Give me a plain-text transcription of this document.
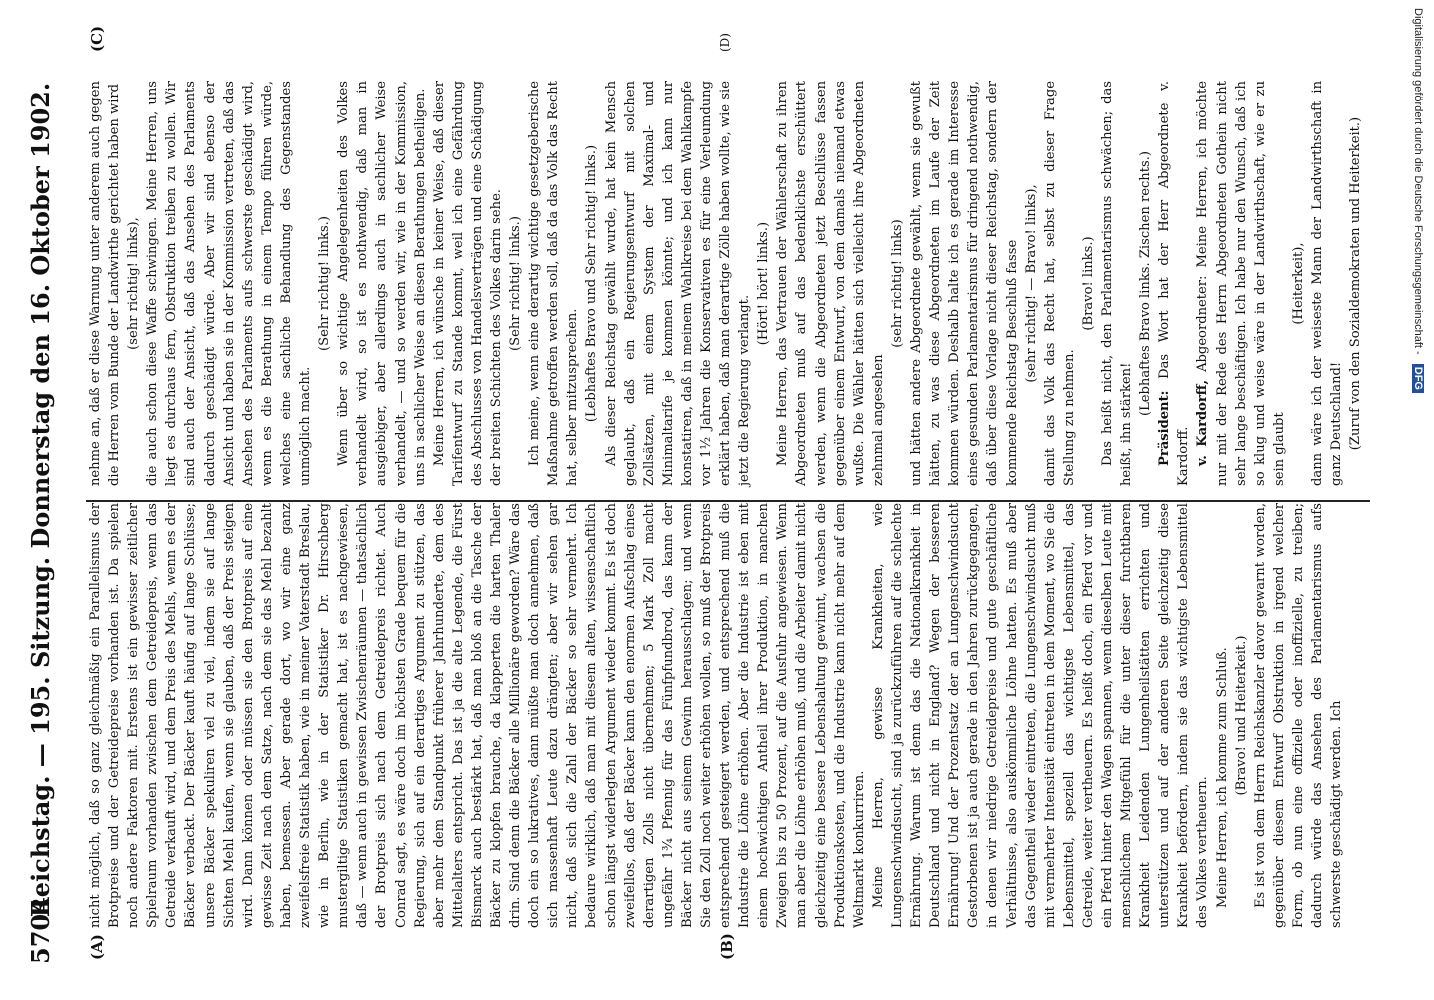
5704
Reichstag. — 195. Sitzung. Donnerstag den 16. Oktober 1902.
(A)	(B)
(C)	(D)

nicht möglich, daß so ganz gleichmäßig ein Parallelismus der Brotpreise und der Getreidepreise vorhanden ist. Da spielen noch andere Faktoren mit. Erstens ist ein gewisser zeitlicher Spielraum vorhanden zwischen dem Getreidepreis, wenn das Getreide verkauft wird, und dem Preis des Mehls, wenn es der Bäcker verbackt. Der Bäcker kauft häufig auf lange Schlüsse; unsere Bäcker spekuliren viel zu viel, indem sie auf lange Sichten Mehl kaufen, wenn sie glauben, daß der Preis steigen wird. Dann können oder müssen sie den Brotpreis auf eine gewisse Zeit nach dem Satze, nach dem sie das Mehl bezahlt haben, bemessen. Aber gerade dort, wo wir eine ganz zweifelsfreie Statistik haben, wie in meiner Vaterstadt Breslau, wie in Berlin, wie in der Statistiker Dr. Hirschberg mustergiltige Statistiken gemacht hat, ist es nachgewiesen, daß — wenn auch in gewissen Zwischenräumen — thatsächlich der Brotpreis sich nach dem Getreidepreis richtet. Auch Conrad sagt, es wäre doch im höchsten Grade bequem für die Regierung, sich auf ein derartiges Argument zu stützen, das aber mehr dem Standpunkt früherer Jahrhunderte, dem des Mittelalters entspricht. Das ist ja die alte Legende, die Fürst Bismarck auch bestärkt hat, daß man bloß an die Tasche der Bäcker zu klopfen brauche, da klapperten die harten Thaler drin. Sind denn die Bäcker alle Millionäre geworden? Wäre das doch ein so lukratives, dann müßte man doch annehmen, daß sich massenhaft Leute dazu drängten; aber wir sehen gar nicht, daß sich die Zahl der Bäcker so sehr vermehrt. Ich bedaure wirklich, daß man mit diesem alten, wissenschaftlich schon längst widerlegten Argument wieder kommt. Es ist doch zweifellos, daß der Bäcker kann den enormen Aufschlag eines derartigen Zolls nicht übernehmen; 5 Mark Zoll macht ungefähr 1³⁄₄ Pfennig für das Fünfpfundbrod, das kann der Bäcker nicht aus seinem Gewinn herausschlagen; und wenn Sie den Zoll noch weiter erhöhen wollen, so muß der Brotpreis entsprechend gesteigert werden, und entsprechend muß die Industrie die Löhne erhöhen. Aber die Industrie ist eben mit einem hochwichtigen Antheil ihrer Produktion, in manchen Zweigen bis zu 50 Prozent, auf die Ausfuhr angewiesen. Wenn man aber die Löhne erhöhen muß, und die Arbeiter damit nicht gleichzeitig eine bessere Lebenshaltung gewinnt, wachsen die Produktionskosten, und die Industrie kann nicht mehr auf dem Weltmarkt konkurriren. Meine Herren, gewisse Krankheiten, wie Lungenschwindsucht, sind ja zurückzuführen auf die schlechte Ernährung. Warum ist denn das die Nationalkrankheit in Deutschland und nicht in England? Wegen der besseren Ernährung! Und der Prozentsatz der an Lungenschwindsucht Gestorbenen ist ja auch gerade in den Jahren zurückgegangen, in denen wir niedrige Getreidepreise und gute geschäftliche Verhältnisse, also auskömmliche Löhne hatten. Es muß aber das Gegentheil wieder eintreten, die Lungenschwindsucht muß mit vermehrter Intensität eintreten in dem Moment, wo Sie die Lebensmittel, speziell das wichtigste Lebensmittel, das Getreide, weiter vertheuern. Es heißt doch, ein Pferd vor und ein Pferd hinter den Wagen spannen, wenn dieselben Leute mit menschlichem Mitgefühl für die unter dieser furchtbaren Krankheit Leidenden Lungenheilstätten errichten und unterstützen und auf der anderen Seite gleichzeitig diese Krankheit befördern, indem sie das wichtigste Lebensmittel des Volkes vertheuern. Meine Herren, ich komme zum Schluß. (Bravo! und Heiterkeit.) Es ist von dem Herrn Reichskanzler davor gewarnt worden, gegenüber diesem Entwurf Obstruktion in irgend welcher Form, ob nun eine offizielle oder inoffizielle, zu treiben; dadurch würde das Ansehen des Parlamentarismus aufs schwerste geschädigt werden. Ich

nehme an, daß er diese Warnung unter anderem auch gegen die Herren vom Bunde der Landwirthe gerichtet haben wird (sehr richtig! links), die auch schon diese Waffe schwingen. Meine Herren, uns liegt es durchaus fern, Obstruktion treiben zu wollen. Wir sind auch der Ansicht, daß das Ansehen des Parlaments dadurch geschädigt würde. Aber wir sind ebenso der Ansicht und haben sie in der Kommission vertreten, daß das Ansehen des Parlaments aufs schwerste geschädigt wird, wenn es die Berathung in einem Tempo führen würde, welches eine sachliche Behandlung des Gegenstandes unmöglich macht.

(Sehr richtig! links.) Wenn über so wichtige Angelegenheiten des Volkes verhandelt wird, so ist es nothwendig, daß man in ausgiebiger, aber allerdings auch in sachlicher Weise verhandelt, — und so werden wir, wie in der Kommission, uns in sachlicher Weise an diesen Berathungen betheiligen. Meine Herren, ich wünsche in keiner Weise, daß dieser Tarifentwurf zu Stande kommt, weil ich eine Gefährdung des Abschlusses von Handelsverträgen und eine Schädigung der breiten Schichten des Volkes darin sehe. (Sehr richtig! links.) Ich meine, wenn eine derartig wichtige gesetzgeberische Maßnahme getroffen werden soll, daß da das Volk das Recht hat, selber mitzusprechen. (Lebhaftes Bravo und Sehr richtig! links.) Als dieser Reichstag gewählt wurde, hat kein Mensch geglaubt, daß ein Regierungsentwurf mit solchen Zollsätzen, mit einem System der Maximal- und Minimaltarife je kommen könnte; und ich kann nur konstatiren, daß in meinem Wahlkreise bei dem Wahlkampfe vor 1¹⁄₂ Jahren die Konservativen es für eine Verleumdung erklärt haben, daß man derartige Zölle haben wollte, wie sie jetzt die Regierung verlangt.

(Hört! hört! links.) Meine Herren, das Vertrauen der Wählerschaft zu ihren Abgeordneten muß auf das bedenklichste erschüttert werden, wenn die Abgeordneten jetzt Beschlüsse fassen gegenüber einem Entwurf, von dem damals niemand etwas wußte. Die Wähler hätten sich vielleicht ihre Abgeordneten zehnmal angesehen

(sehr richtig! links) und hätten andere Abgeordnete gewählt, wenn sie gewußt hätten, zu was diese Abgeordneten im Laufe der Zeit kommen würden. Deshalb halte ich es gerade im Interesse eines gesunden Parlamentarismus für dringend nothwendig, daß über diese Vorlage nicht dieser Reichstag, sondern der kommende Reichstag Beschluß fasse (sehr richtig! — Bravo! links), damit das Volk das Recht hat, selbst zu dieser Frage Stellung zu nehmen.

(Bravo! links.) Das heißt nicht, den Parlamentarismus schwächen; das heißt, ihn stärken!

(Lebhaftes Bravo links. Zischen rechts.)

Präsident: Das Wort hat der Herr Abgeordnete v. Kardorff. v. Kardorff, Abgeordneter: Meine Herren, ich möchte nur mit der Rede des Herrn Abgeordneten Gothein nicht sehr lange beschäftigen. Ich habe nur den Wunsch, daß ich so klug und weise wäre in der Landwirthschaft, wie er zu sein glaubt

(Heiterkeit), dann wäre ich der weiseste Mann der Landwirthschaft in ganz Deutschland! (Zuruf von den Sozialdemokraten und Heiterkeit.)	Digitalisierung gefördert durch die Deutsche Forschungsgemeinschaft - DFG
